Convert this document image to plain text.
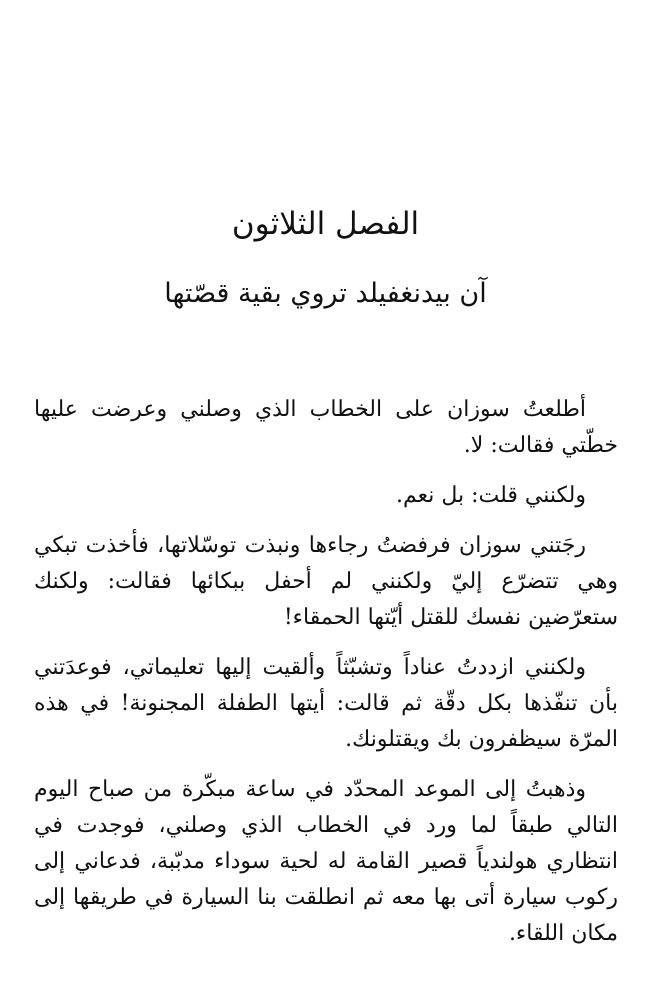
الفصل الثلاثون
آن بيدنغفيلد تروي بقية قصّتها

أطلعتُ سوزان على الخطاب الذي وصلني وعرضت عليها خطّتي فقالت: لا.

ولكنني قلت: بل نعم.

رجَتني سوزان فرفضتُ رجاءها ونبذت توسّلاتها، فأخذت تبكي وهي تتضرّع إليّ ولكنني لم أحفل ببكائها فقالت: ولكنك ستعرّضين نفسك للقتل أيّتها الحمقاء!

ولكنني ازددتُ عناداً وتشبّثاً وألقيت إليها تعليماتي، فوعدَتني بأن تنفّذها بكل دقّة ثم قالت: أيتها الطفلة المجنونة! في هذه المرّة سيظفرون بك ويقتلونك.

وذهبتُ إلى الموعد المحدّد في ساعة مبكّرة من صباح اليوم التالي طبقاً لما ورد في الخطاب الذي وصلني، فوجدت في انتظاري هولندياً قصير القامة له لحية سوداء مدبّبة، فدعاني إلى ركوب سيارة أتى بها معه ثم انطلقت بنا السيارة في طريقها إلى مكان اللقاء.
